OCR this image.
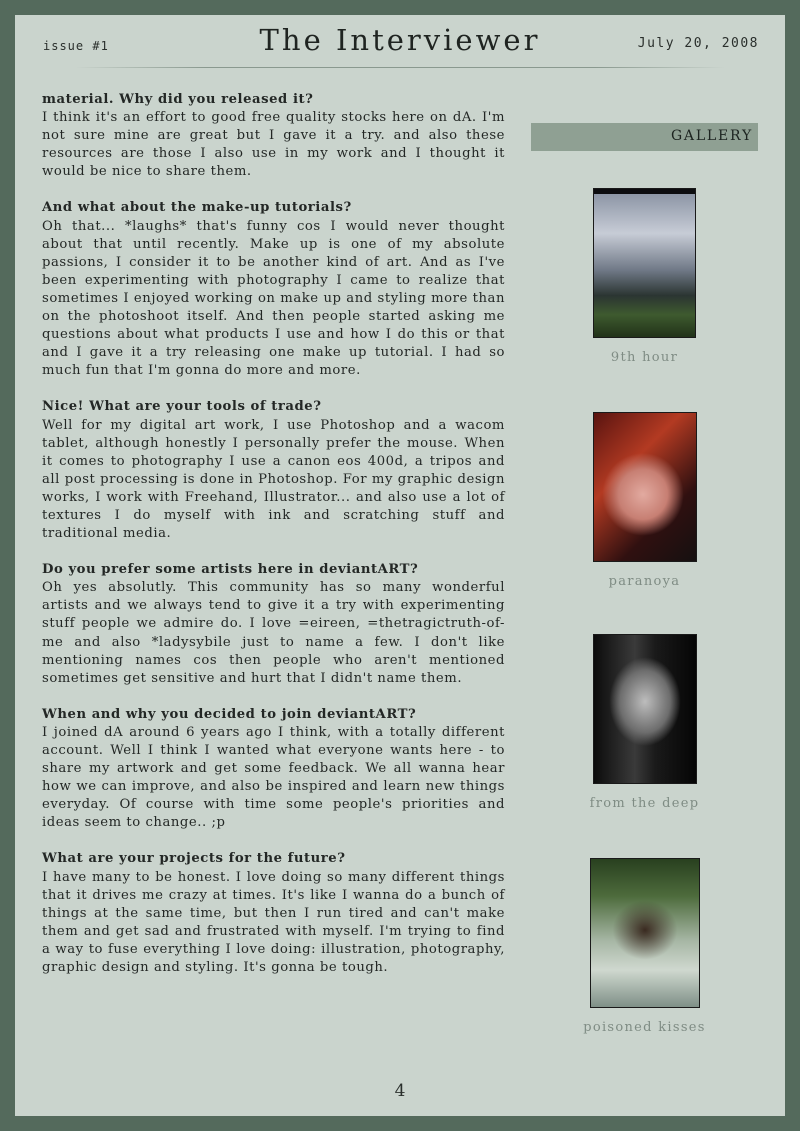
issue #1	The Interviewer	July 20, 2008
material. Why did you released it?
I think it's an effort to good free quality stocks here on dA. I'm not sure mine are great but I gave it a try. and also these resources are those I also use in my work and I thought it would be nice to share them.
And what about the make-up tutorials?
Oh that... *laughs* that's funny cos I would never thought about that until recently. Make up is one of my absolute passions, I consider it to be another kind of art. And as I've been experimenting with photography I came to realize that sometimes I enjoyed working on make up and styling more than on the photoshoot itself. And then people started asking me questions about what products I use and how I do this or that and I gave it a try releasing one make up tutorial. I had so much fun that I'm gonna do more and more.
Nice! What are your tools of trade?
Well for my digital art work, I use Photoshop and a wacom tablet, although honestly I personally prefer the mouse. When it comes to photography I use a canon eos 400d, a tripos and all post processing is done in Photoshop. For my graphic design works, I work with Freehand, Illustrator... and also use a lot of textures I do myself with ink and scratching stuff and traditional media.
Do you prefer some artists here in deviantART?
Oh yes absolutly. This community has so many wonderful artists and we always tend to give it a try with experimenting stuff people we admire do. I love =eireen, =thetragictruth-of-me and also *ladysybile just to name a few. I don't like mentioning names cos then people who aren't mentioned sometimes get sensitive and hurt that I didn't name them.
When and why you decided to join deviantART?
I joined dA around 6 years ago I think, with a totally different account. Well I think I wanted what everyone wants here - to share my artwork and get some feedback. We all wanna hear how we can improve, and also be inspired and learn new things everyday. Of course with time some people's priorities and ideas seem to change.. ;p
What are your projects for the future?
I have many to be honest. I love doing so many different things that it drives me crazy at times. It's like I wanna do a bunch of things at the same time, but then I run tired and can't make them and get sad and frustrated with myself. I'm trying to find a way to fuse everything I love doing: illustration, photography, graphic design and styling. It's gonna be tough.
GALLERY
9th hour
paranoya
from the deep
poisoned kisses
4
